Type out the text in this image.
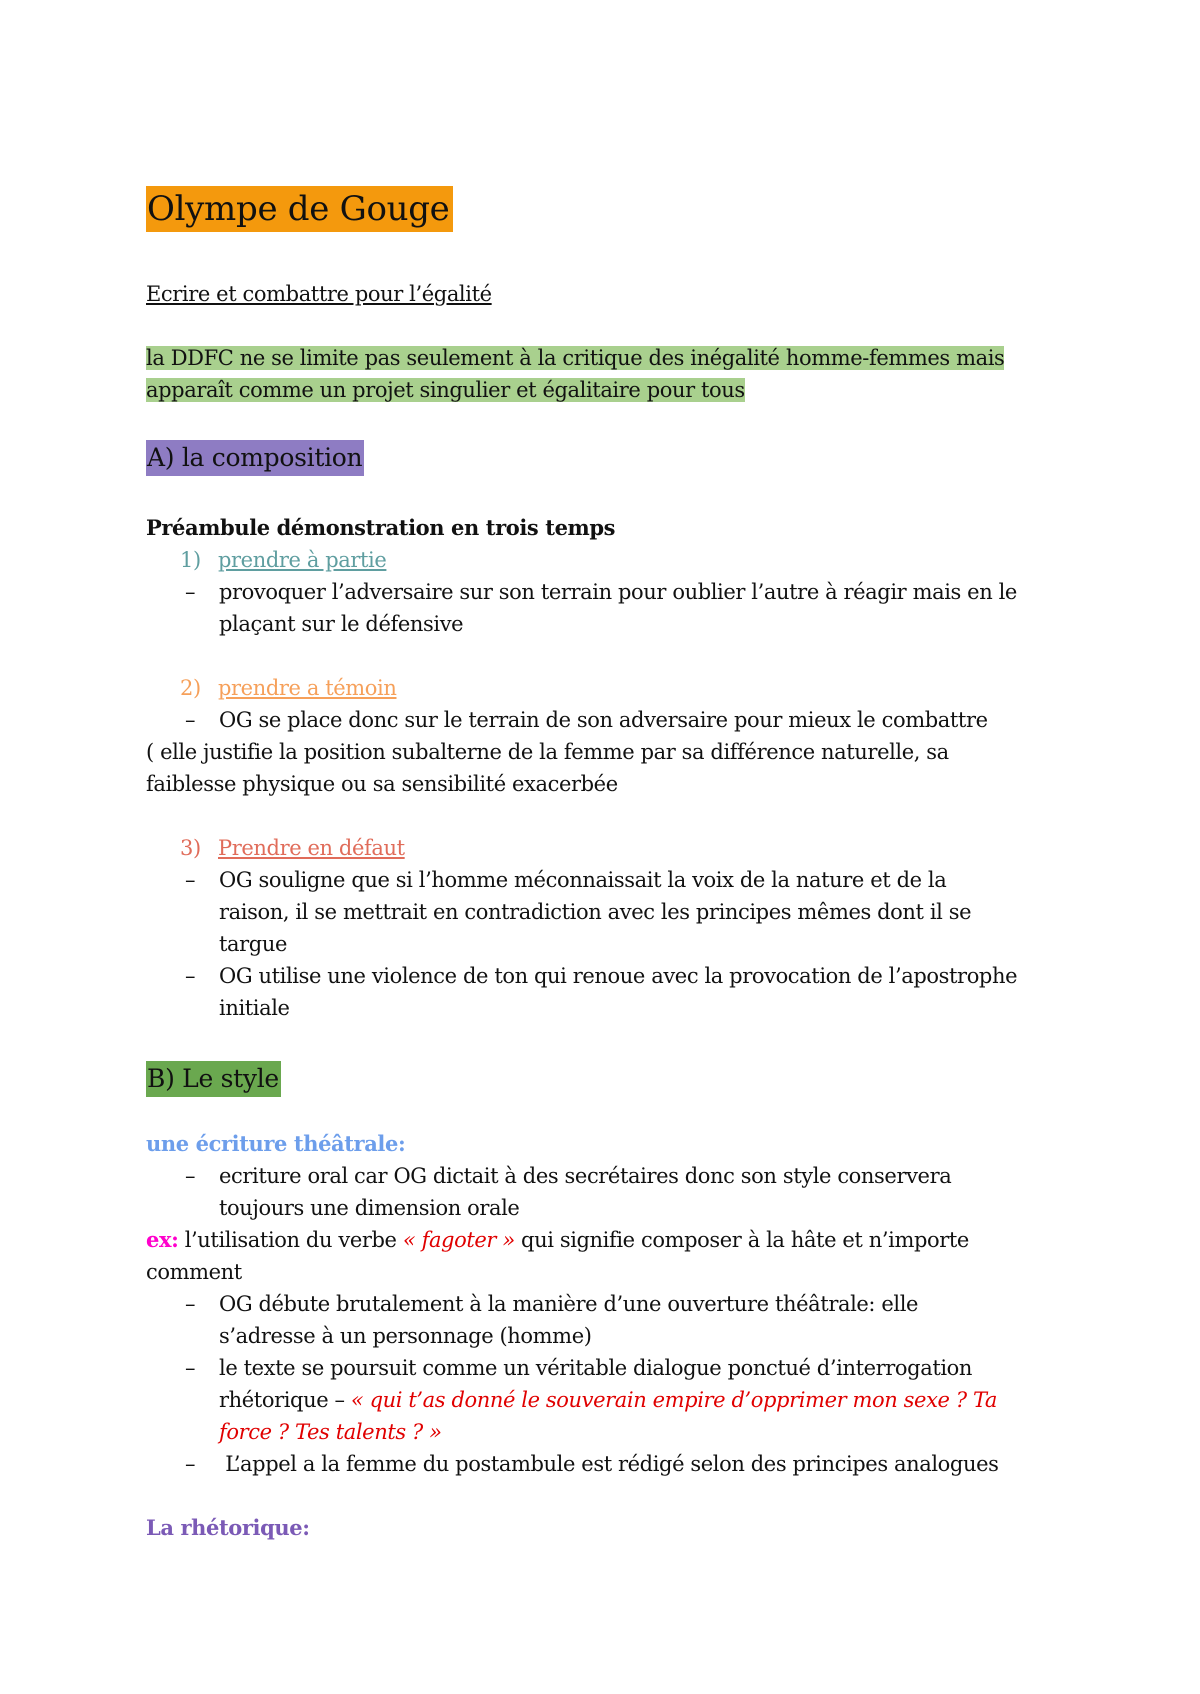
Olympe de Gouge
Ecrire et combattre pour l’égalité
la DDFC ne se limite pas seulement à la critique des inégalité homme-femmes mais
apparaît comme un projet singulier et égalitaire pour tous
A) la composition
Préambule démonstration en trois temps
1) prendre à partie
– provoquer l’adversaire sur son terrain pour oublier l’autre à réagir mais en le
plaçant sur le défensive
2) prendre a témoin
– OG se place donc sur le terrain de son adversaire pour mieux le combattre
( elle justifie la position subalterne de la femme par sa différence naturelle, sa
faiblesse physique ou sa sensibilité exacerbée
3) Prendre en défaut
– OG souligne que si l’homme méconnaissait la voix de la nature et de la
raison, il se mettrait en contradiction avec les principes mêmes dont il se
targue
– OG utilise une violence de ton qui renoue avec la provocation de l’apostrophe
initiale
B) Le style
une écriture théâtrale:
– ecriture oral car OG dictait à des secrétaires donc son style conservera
toujours une dimension orale
ex: l’utilisation du verbe « fagoter » qui signifie composer à la hâte et n’importe
comment
– OG débute brutalement à la manière d’une ouverture théâtrale: elle
s’adresse à un personnage (homme)
– le texte se poursuit comme un véritable dialogue ponctué d’interrogation
rhétorique – « qui t’as donné le souverain empire d’opprimer mon sexe ? Ta
force ? Tes talents ? »
– L’appel a la femme du postambule est rédigé selon des principes analogues
La rhétorique:
